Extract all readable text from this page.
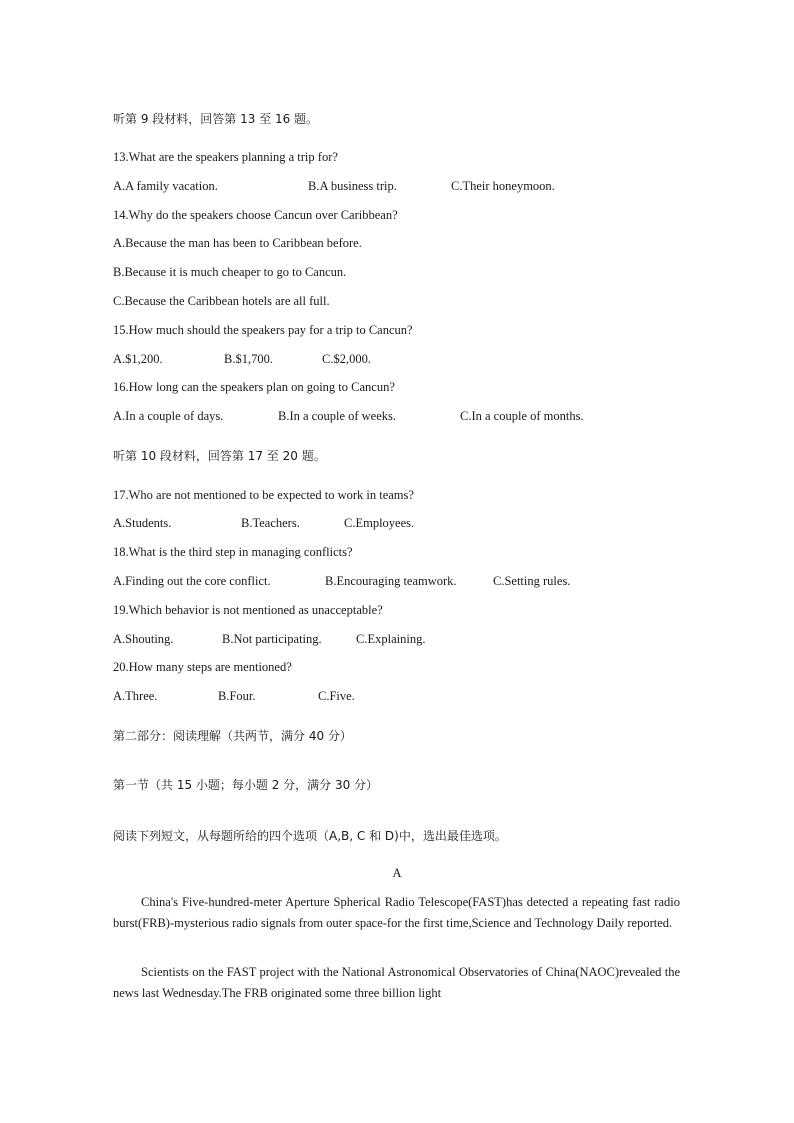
听第 9 段材料，回答第 13 至 16 题。
13.What are the speakers planning a trip for?
A.A family vacation.	B.A business trip.	C.Their honeymoon.
14.Why do the speakers choose Cancun over Caribbean?
A.Because the man has been to Caribbean before.
B.Because it is much cheaper to go to Cancun.
C.Because the Caribbean hotels are all full.
15.How much should the speakers pay for a trip to Cancun?
A.$1,200.	B.$1,700.	C.$2,000.
16.How long can the speakers plan on going to Cancun?
A.In a couple of days.	B.In a couple of weeks.	C.In a couple of months.
听第 10 段材料，回答第 17 至 20 题。
17.Who are not mentioned to be expected to work in teams?
A.Students.	B.Teachers.	C.Employees.
18.What is the third step in managing conflicts?
A.Finding out the core conflict.	B.Encouraging teamwork.	C.Setting rules.
19.Which behavior is not mentioned as unacceptable?
A.Shouting.	B.Not participating.	C.Explaining.
20.How many steps are mentioned?
A.Three.	B.Four.	C.Five.
第二部分：阅读理解（共两节，满分 40 分）
第一节（共 15 小题；每小题 2 分，满分 30 分）
阅读下列短文，从每题所给的四个选项（A,B, C 和 D)中，选出最佳选项。
A
China's Five-hundred-meter Aperture Spherical Radio Telescope(FAST)has detected a repeating fast radio burst(FRB)-mysterious radio signals from outer space-for the first time,Science and Technology Daily reported.
Scientists on the FAST project with the National Astronomical Observatories of China(NAOC)revealed the news last Wednesday.The FRB originated some three billion light
